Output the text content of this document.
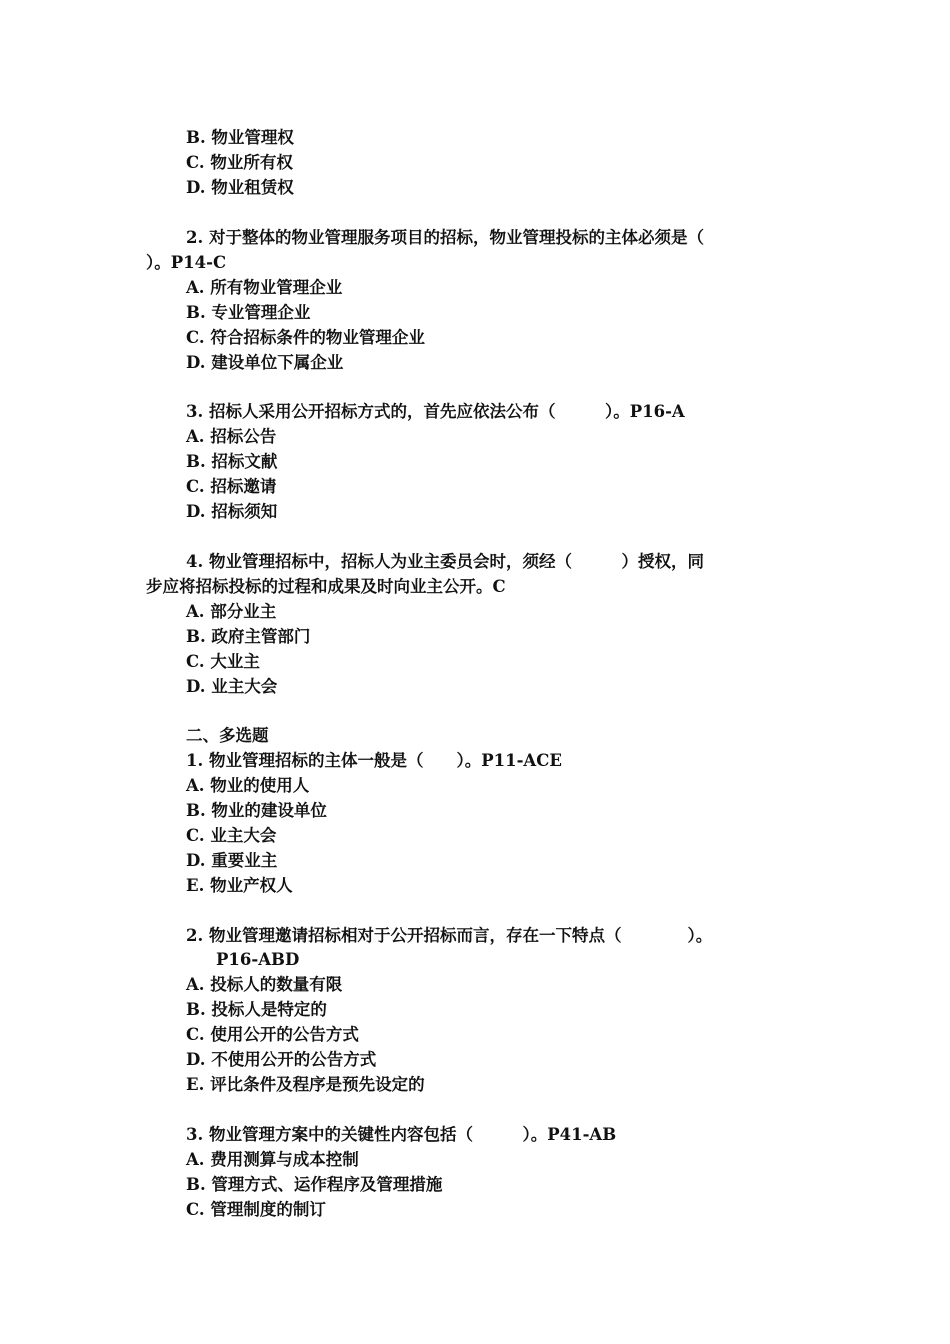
B. 物业管理权
C. 物业所有权
D. 物业租赁权
2. 对于整体的物业管理服务项目的招标，物业管理投标的主体必须是（
）。P14-C
A. 所有物业管理企业
B. 专业管理企业
C. 符合招标条件的物业管理企业
D. 建设单位下属企业
3. 招标人采用公开招标方式的，首先应依法公布（　　　）。P16-A
A. 招标公告
B. 招标文献
C. 招标邀请
D. 招标须知
4. 物业管理招标中，招标人为业主委员会时，须经（　　　）授权，同
步应将招标投标的过程和成果及时向业主公开。C
A. 部分业主
B. 政府主管部门
C. 大业主
D. 业主大会
二、多选题
1. 物业管理招标的主体一般是（　　）。P11-ACE
A. 物业的使用人
B. 物业的建设单位
C. 业主大会
D. 重要业主
E. 物业产权人
2. 物业管理邀请招标相对于公开招标而言，存在一下特点（　　　　）。
P16-ABD
A. 投标人的数量有限
B. 投标人是特定的
C. 使用公开的公告方式
D. 不使用公开的公告方式
E. 评比条件及程序是预先设定的
3. 物业管理方案中的关键性内容包括（　　　）。P41-AB
A. 费用测算与成本控制
B. 管理方式、运作程序及管理措施
C. 管理制度的制订
